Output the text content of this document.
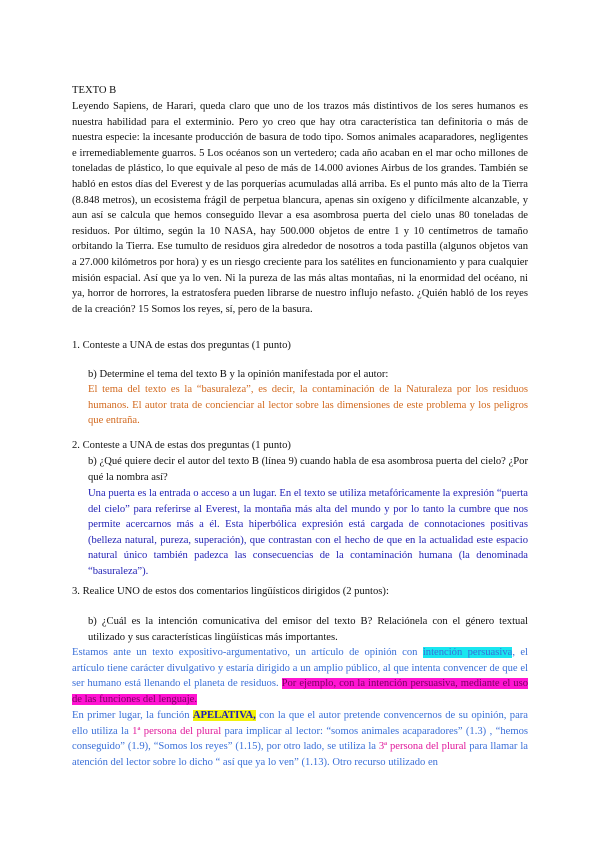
TEXTO B
Leyendo Sapiens, de Harari, queda claro que uno de los trazos más distintivos de los seres humanos es nuestra habilidad para el exterminio. Pero yo creo que hay otra característica tan definitoria o más de nuestra especie: la incesante producción de basura de todo tipo. Somos animales acaparadores, negligentes e irremediablemente guarros. 5 Los océanos son un vertedero; cada año acaban en el mar ocho millones de toneladas de plástico, lo que equivale al peso de más de 14.000 aviones Airbus de los grandes. También se habló en estos días del Everest y de las porquerías acumuladas allá arriba. Es el punto más alto de la Tierra (8.848 metros), un ecosistema frágil de perpetua blancura, apenas sin oxígeno y difícilmente alcanzable, y aun así se calcula que hemos conseguido llevar a esa asombrosa puerta del cielo unas 80 toneladas de residuos. Por último, según la 10 NASA, hay 500.000 objetos de entre 1 y 10 centímetros de tamaño orbitando la Tierra. Ese tumulto de residuos gira alrededor de nosotros a toda pastilla (algunos objetos van a 27.000 kilómetros por hora) y es un riesgo creciente para los satélites en funcionamiento y para cualquier misión espacial. Así que ya lo ven. Ni la pureza de las más altas montañas, ni la enormidad del océano, ni ya, horror de horrores, la estratosfera pueden librarse de nuestro influjo nefasto. ¿Quién habló de los reyes de la creación? 15 Somos los reyes, sí, pero de la basura.
1. Conteste a UNA de estas dos preguntas (1 punto)
b) Determine el tema del texto B y la opinión manifestada por el autor:
El tema del texto es la “basuraleza”, es decir, la contaminación de la Naturaleza por los residuos humanos. El autor trata de concienciar al lector sobre las dimensiones de este problema y los peligros que entraña.
2. Conteste a UNA de estas dos preguntas (1 punto)
b) ¿Qué quiere decir el autor del texto B (línea 9) cuando habla de esa asombrosa puerta del cielo? ¿Por qué la nombra así?
Una puerta es la entrada o acceso a un lugar. En el texto se utiliza metafóricamente la expresión “puerta del cielo” para referirse al Everest, la montaña más alta del mundo y por lo tanto la cumbre que nos permite acercarnos más a él. Esta hiperbólica expresión está cargada de connotaciones positivas (belleza natural, pureza, superación), que contrastan con el hecho de que en la actualidad este espacio natural único también padezca las consecuencias de la contaminación humana (la denominada “basuraleza”).
3. Realice UNO de estos dos comentarios lingüísticos dirigidos (2 puntos):
b) ¿Cuál es la intención comunicativa del emisor del texto B? Relaciónela con el género textual utilizado y sus características lingüísticas más importantes.
Estamos ante un texto expositivo-argumentativo, un artículo de opinión con intención persuasiva, el artículo tiene carácter divulgativo y estaría dirigido a un amplio público, al que intenta convencer de que el ser humano está llenando el planeta de residuos. Por ejemplo, con la intención persuasiva, mediante el uso de las funciones del lenguaje.
En primer lugar, la función APELATIVA, con la que el autor pretende convencernos de su opinión, para ello utiliza la 1ª persona del plural para implicar al lector: “somos animales acaparadores” (1.3) , “hemos conseguido” (1.9), “Somos los reyes” (1.15), por otro lado, se utiliza la 3ª persona del plural para llamar la atención del lector sobre lo dicho “ así que ya lo ven” (1.13). Otro recurso utilizado en
